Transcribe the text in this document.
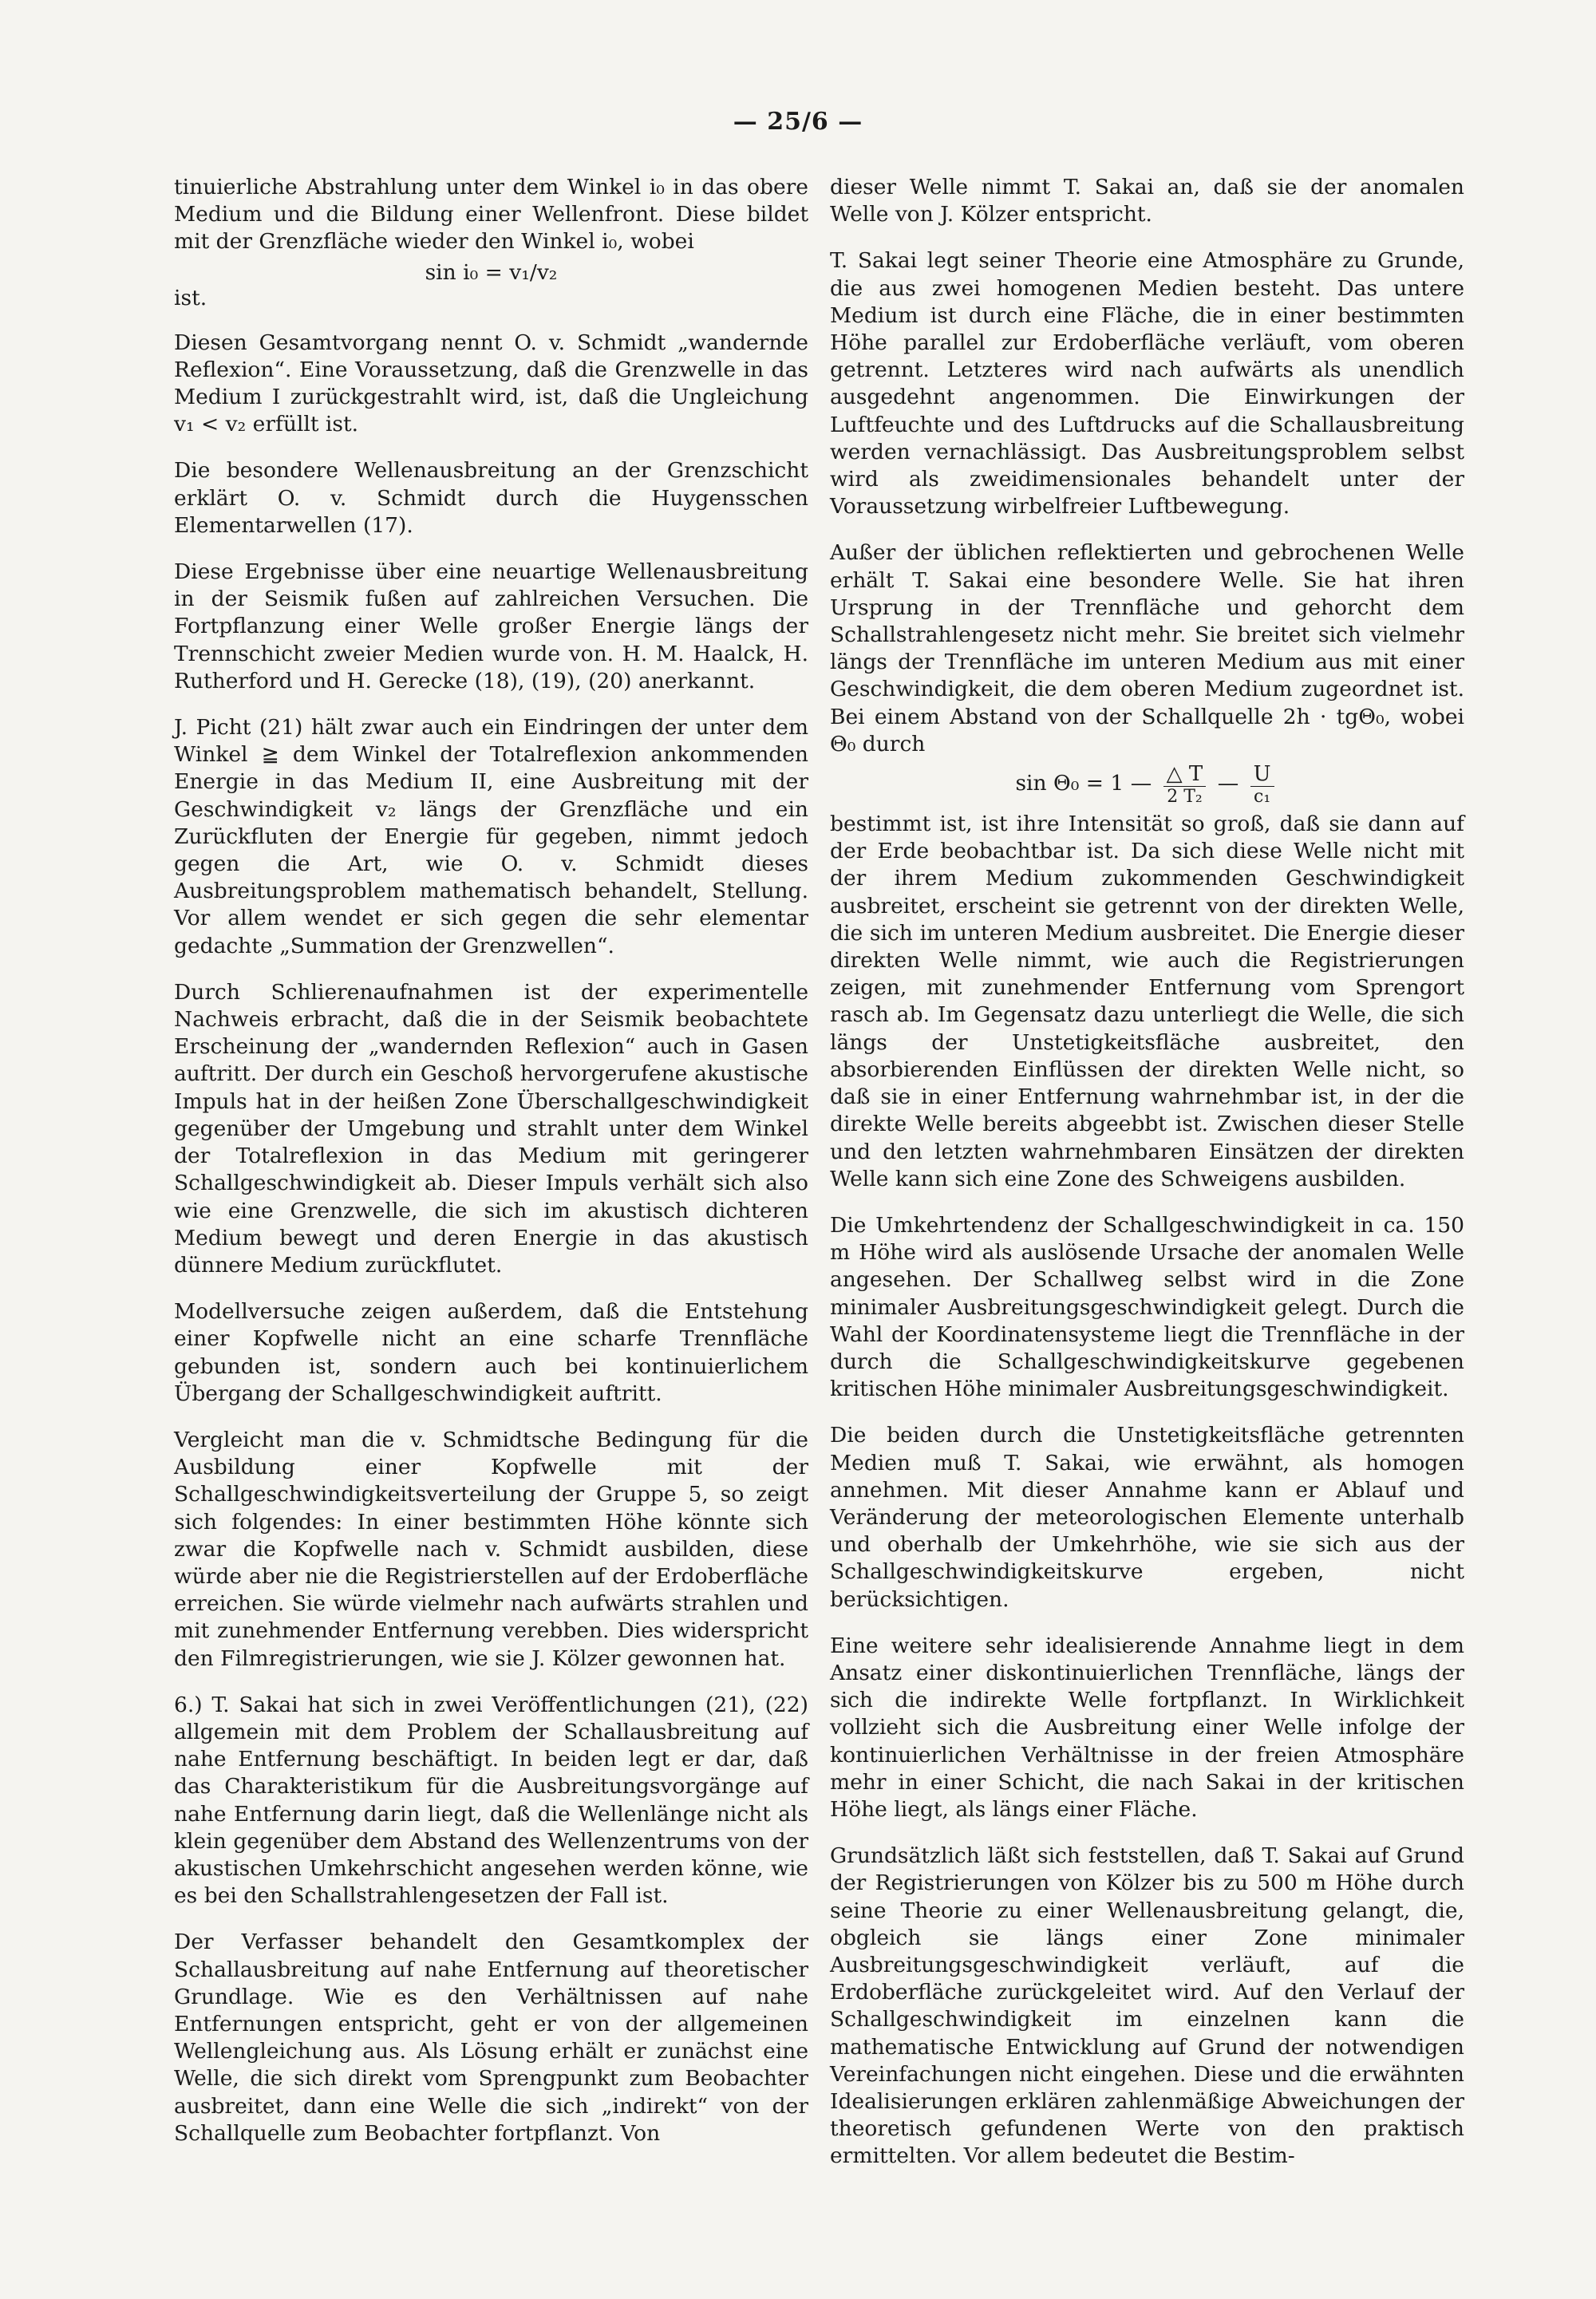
— 25/6 —

tinuierliche Abstrahlung unter dem Winkel i₀ in das obere Medium und die Bildung einer Wellenfront. Diese bildet mit der Grenzfläche wieder den Winkel i₀, wobei

sin i₀ = v₁/v₂
ist.

Diesen Gesamtvorgang nennt O. v. Schmidt „wandernde Reflexion“. Eine Voraussetzung, daß die Grenzwelle in das Medium I zurückgestrahlt wird, ist, daß die Ungleichung v₁ < v₂ erfüllt ist.

Die besondere Wellenausbreitung an der Grenzschicht erklärt O. v. Schmidt durch die Huygensschen Elementarwellen (17).

Diese Ergebnisse über eine neuartige Wellenausbreitung in der Seismik fußen auf zahlreichen Versuchen. Die Fortpflanzung einer Welle großer Energie längs der Trennschicht zweier Medien wurde von. H. M. Haalck, H. Rutherford und H. Gerecke (18), (19), (20) anerkannt.

J. Picht (21) hält zwar auch ein Eindringen der unter dem Winkel ≧ dem Winkel der Totalreflexion ankommenden Energie in das Medium II, eine Ausbreitung mit der Geschwindigkeit v₂ längs der Grenzfläche und ein Zurückfluten der Energie für gegeben, nimmt jedoch gegen die Art, wie O. v. Schmidt dieses Ausbreitungsproblem mathematisch behandelt, Stellung. Vor allem wendet er sich gegen die sehr elementar gedachte „Summation der Grenzwellen“.

Durch Schlierenaufnahmen ist der experimentelle Nachweis erbracht, daß die in der Seismik beobachtete Erscheinung der „wandernden Reflexion“ auch in Gasen auftritt. Der durch ein Geschoß hervorgerufene akustische Impuls hat in der heißen Zone Überschallgeschwindigkeit gegenüber der Umgebung und strahlt unter dem Winkel der Totalreflexion in das Medium mit geringerer Schallgeschwindigkeit ab. Dieser Impuls verhält sich also wie eine Grenzwelle, die sich im akustisch dichteren Medium bewegt und deren Energie in das akustisch dünnere Medium zurückflutet.

Modellversuche zeigen außerdem, daß die Entstehung einer Kopfwelle nicht an eine scharfe Trennfläche gebunden ist, sondern auch bei kontinuierlichem Übergang der Schallgeschwindigkeit auftritt.

Vergleicht man die v. Schmidtsche Bedingung für die Ausbildung einer Kopfwelle mit der Schallgeschwindigkeitsverteilung der Gruppe 5, so zeigt sich folgendes: In einer bestimmten Höhe könnte sich zwar die Kopfwelle nach v. Schmidt ausbilden, diese würde aber nie die Registrierstellen auf der Erdoberfläche erreichen. Sie würde vielmehr nach aufwärts strahlen und mit zunehmender Entfernung verebben. Dies widerspricht den Filmregistrierungen, wie sie J. Kölzer gewonnen hat.

6.) T. Sakai hat sich in zwei Veröffentlichungen (21), (22) allgemein mit dem Problem der Schallausbreitung auf nahe Entfernung beschäftigt. In beiden legt er dar, daß das Charakteristikum für die Ausbreitungsvorgänge auf nahe Entfernung darin liegt, daß die Wellenlänge nicht als klein gegenüber dem Abstand des Wellenzentrums von der akustischen Umkehrschicht angesehen werden könne, wie es bei den Schallstrahlengesetzen der Fall ist.

Der Verfasser behandelt den Gesamtkomplex der Schallausbreitung auf nahe Entfernung auf theoretischer Grundlage. Wie es den Verhältnissen auf nahe Entfernungen entspricht, geht er von der allgemeinen Wellengleichung aus. Als Lösung erhält er zunächst eine Welle, die sich direkt vom Sprengpunkt zum Beobachter ausbreitet, dann eine Welle die sich „indirekt“ von der Schallquelle zum Beobachter fortpflanzt. Von

dieser Welle nimmt T. Sakai an, daß sie der anomalen Welle von J. Kölzer entspricht.

T. Sakai legt seiner Theorie eine Atmosphäre zu Grunde, die aus zwei homogenen Medien besteht. Das untere Medium ist durch eine Fläche, die in einer bestimmten Höhe parallel zur Erdoberfläche verläuft, vom oberen getrennt. Letzteres wird nach aufwärts als unendlich ausgedehnt angenommen. Die Einwirkungen der Luftfeuchte und des Luftdrucks auf die Schallausbreitung werden vernachlässigt. Das Ausbreitungsproblem selbst wird als zweidimensionales behandelt unter der Voraussetzung wirbelfreier Luftbewegung.

Außer der üblichen reflektierten und gebrochenen Welle erhält T. Sakai eine besondere Welle. Sie hat ihren Ursprung in der Trennfläche und gehorcht dem Schallstrahlengesetz nicht mehr. Sie breitet sich vielmehr längs der Trennfläche im unteren Medium aus mit einer Geschwindigkeit, die dem oberen Medium zugeordnet ist. Bei einem Abstand von der Schallquelle 2h · tgΘ₀, wobei Θ₀ durch

sin Θ₀ = 1 — $\frac{\triangle T}{\text{2 T₂}}$ — $\frac{U}{\text{c₁}}$

bestimmt ist, ist ihre Intensität so groß, daß sie dann auf der Erde beobachtbar ist. Da sich diese Welle nicht mit der ihrem Medium zukommenden Geschwindigkeit ausbreitet, erscheint sie getrennt von der direkten Welle, die sich im unteren Medium ausbreitet. Die Energie dieser direkten Welle nimmt, wie auch die Registrierungen zeigen, mit zunehmender Entfernung vom Sprengort rasch ab. Im Gegensatz dazu unterliegt die Welle, die sich längs der Unstetigkeitsfläche ausbreitet, den absorbierenden Einflüssen der direkten Welle nicht, so daß sie in einer Entfernung wahrnehmbar ist, in der die direkte Welle bereits abgeebbt ist. Zwischen dieser Stelle und den letzten wahrnehmbaren Einsätzen der direkten Welle kann sich eine Zone des Schweigens ausbilden.

Die Umkehrtendenz der Schallgeschwindigkeit in ca. 150 m Höhe wird als auslösende Ursache der anomalen Welle angesehen. Der Schallweg selbst wird in die Zone minimaler Ausbreitungsgeschwindigkeit gelegt. Durch die Wahl der Koordinatensysteme liegt die Trennfläche in der durch die Schallgeschwindigkeitskurve gegebenen kritischen Höhe minimaler Ausbreitungsgeschwindigkeit.

Die beiden durch die Unstetigkeitsfläche getrennten Medien muß T. Sakai, wie erwähnt, als homogen annehmen. Mit dieser Annahme kann er Ablauf und Veränderung der meteorologischen Elemente unterhalb und oberhalb der Umkehrhöhe, wie sie sich aus der Schallgeschwindigkeitskurve ergeben, nicht berücksichtigen.

Eine weitere sehr idealisierende Annahme liegt in dem Ansatz einer diskontinuierlichen Trennfläche, längs der sich die indirekte Welle fortpflanzt. In Wirklichkeit vollzieht sich die Ausbreitung einer Welle infolge der kontinuierlichen Verhältnisse in der freien Atmosphäre mehr in einer Schicht, die nach Sakai in der kritischen Höhe liegt, als längs einer Fläche.

Grundsätzlich läßt sich feststellen, daß T. Sakai auf Grund der Registrierungen von Kölzer bis zu 500 m Höhe durch seine Theorie zu einer Wellenausbreitung gelangt, die, obgleich sie längs einer Zone minimaler Ausbreitungsgeschwindigkeit verläuft, auf die Erdoberfläche zurückgeleitet wird. Auf den Verlauf der Schallgeschwindigkeit im einzelnen kann die mathematische Entwicklung auf Grund der notwendigen Vereinfachungen nicht eingehen. Diese und die erwähnten Idealisierungen erklären zahlenmäßige Abweichungen der theoretisch gefundenen Werte von den praktisch ermittelten. Vor allem bedeutet die Bestim-
